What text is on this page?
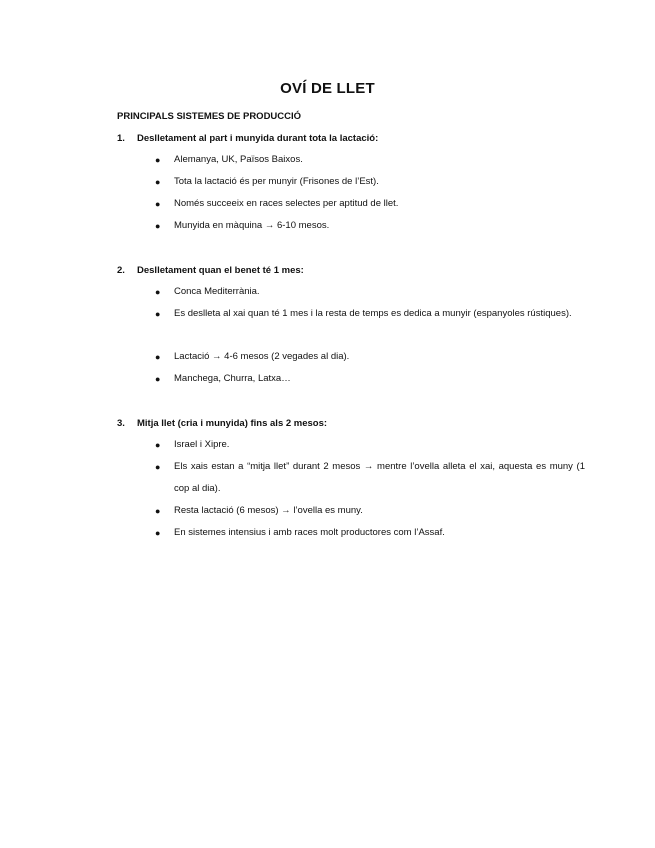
OVÍ DE LLET
PRINCIPALS SISTEMES DE PRODUCCIÓ
1. Deslletament al part i munyida durant tota la lactació:
● Alemanya, UK, Països Baixos.
● Tota la lactació és per munyir (Frisones de l’Est).
● Només succeeix en races selectes per aptitud de llet.
● Munyida en màquina → 6-10 mesos.
2. Deslletament quan el benet té 1 mes:
● Conca Mediterrània.
● Es deslleta al xai quan té 1 mes i la resta de temps es dedica a munyir (espanyoles rústiques).
● Lactació → 4-6 mesos (2 vegades al dia).
● Manchega, Churra, Latxa…
3. Mitja llet (cria i munyida) fins als 2 mesos:
● Israel i Xipre.
● Els xais estan a “mitja llet” durant 2 mesos → mentre l’ovella alleta el xai, aquesta es muny (1 cop al dia).
● Resta lactació (6 mesos) → l’ovella es muny.
● En sistemes intensius i amb races molt productores com l’Assaf.
